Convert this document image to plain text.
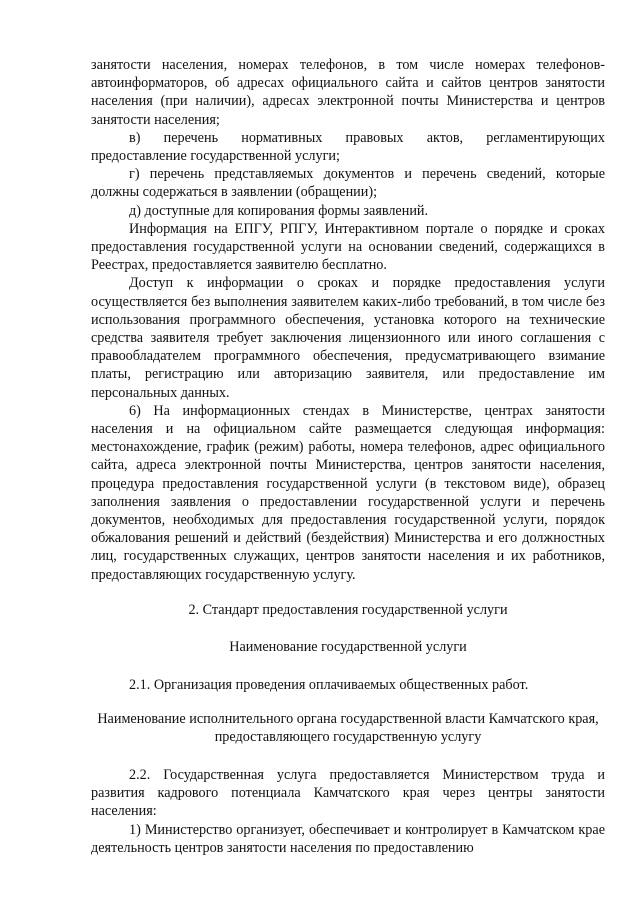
занятости населения, номерах телефонов, в том числе номерах телефонов-автоинформаторов, об адресах официального сайта и сайтов центров занятости населения (при наличии), адресах электронной почты Министерства и центров занятости населения;

в) перечень нормативных правовых актов, регламентирующих предоставление государственной услуги;

г) перечень представляемых документов и перечень сведений, которые должны содержаться в заявлении (обращении);

д) доступные для копирования формы заявлений.

Информация на ЕПГУ, РПГУ, Интерактивном портале о порядке и сроках предоставления государственной услуги на основании сведений, содержащихся в Реестрах, предоставляется заявителю бесплатно.

Доступ к информации о сроках и порядке предоставления услуги осуществляется без выполнения заявителем каких-либо требований, в том числе без использования программного обеспечения, установка которого на технические средства заявителя требует заключения лицензионного или иного соглашения с правообладателем программного обеспечения, предусматривающего взимание платы, регистрацию или авторизацию заявителя, или предоставление им персональных данных.

6) На информационных стендах в Министерстве, центрах занятости населения и на официальном сайте размещается следующая информация: местонахождение, график (режим) работы, номера телефонов, адрес официального сайта, адреса электронной почты Министерства, центров занятости населения, процедура предоставления государственной услуги (в текстовом виде), образец заполнения заявления о предоставлении государственной услуги и перечень документов, необходимых для предоставления государственной услуги, порядок обжалования решений и действий (бездействия) Министерства и его должностных лиц, государственных служащих, центров занятости населения и их работников, предоставляющих государственную услугу.

2. Стандарт предоставления государственной услуги

Наименование государственной услуги

2.1. Организация проведения оплачиваемых общественных работ.

Наименование исполнительного органа государственной власти Камчатского края, предоставляющего государственную услугу

2.2. Государственная услуга предоставляется Министерством труда и развития кадрового потенциала Камчатского края через центры занятости населения:

1) Министерство организует, обеспечивает и контролирует в Камчатском крае деятельность центров занятости населения по предоставлению
